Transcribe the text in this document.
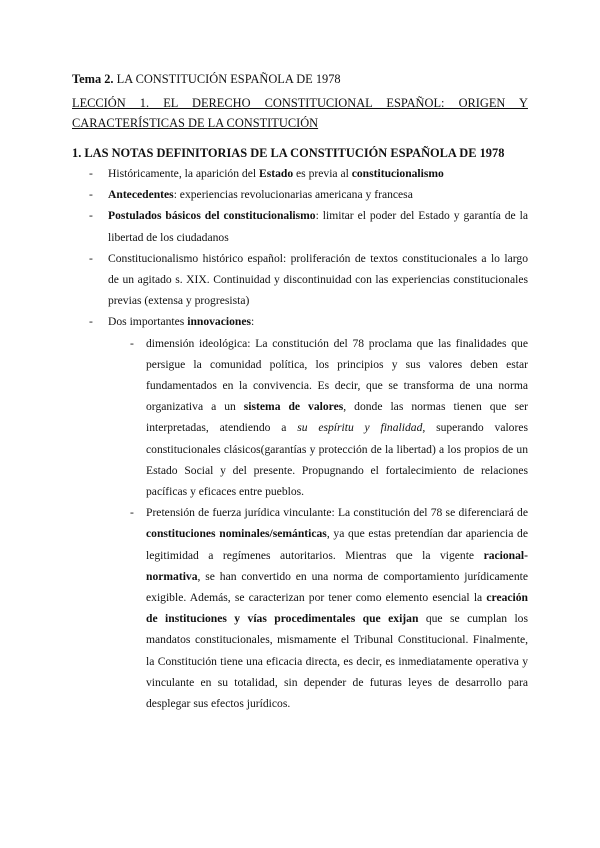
Tema 2. LA CONSTITUCIÓN ESPAÑOLA DE 1978

LECCIÓN 1. EL DERECHO CONSTITUCIONAL ESPAÑOL: ORIGEN Y CARACTERÍSTICAS DE LA CONSTITUCIÓN

1. LAS NOTAS DEFINITORIAS DE LA CONSTITUCIÓN ESPAÑOLA DE 1978

- Históricamente, la aparición del Estado es previa al constitucionalismo
- Antecedentes: experiencias revolucionarias americana y francesa
- Postulados básicos del constitucionalismo: limitar el poder del Estado y garantía de la libertad de los ciudadanos
- Constitucionalismo histórico español: proliferación de textos constitucionales a lo largo de un agitado s. XIX. Continuidad y discontinuidad con las experiencias constitucionales previas (extensa y progresista)
- Dos importantes innovaciones:
- dimensión ideológica: La constitución del 78 proclama que las finalidades que persigue la comunidad política, los principios y sus valores deben estar fundamentados en la convivencia. Es decir, que se transforma de una norma organizativa a un sistema de valores, donde las normas tienen que ser interpretadas, atendiendo a su espíritu y finalidad, superando valores constitucionales clásicos(garantías y protección de la libertad) a los propios de un Estado Social y del presente. Propugnando el fortalecimiento de relaciones pacíficas y eficaces entre pueblos.
- Pretensión de fuerza jurídica vinculante: La constitución del 78 se diferenciará de constituciones nominales/semánticas, ya que estas pretendían dar apariencia de legitimidad a regímenes autoritarios. Mientras que la vigente racional-normativa, se han convertido en una norma de comportamiento jurídicamente exigible. Además, se caracterizan por tener como elemento esencial la creación de instituciones y vías procedimentales que exijan que se cumplan los mandatos constitucionales, mismamente el Tribunal Constitucional. Finalmente, la Constitución tiene una eficacia directa, es decir, es inmediatamente operativa y vinculante en su totalidad, sin depender de futuras leyes de desarrollo para desplegar sus efectos jurídicos.
